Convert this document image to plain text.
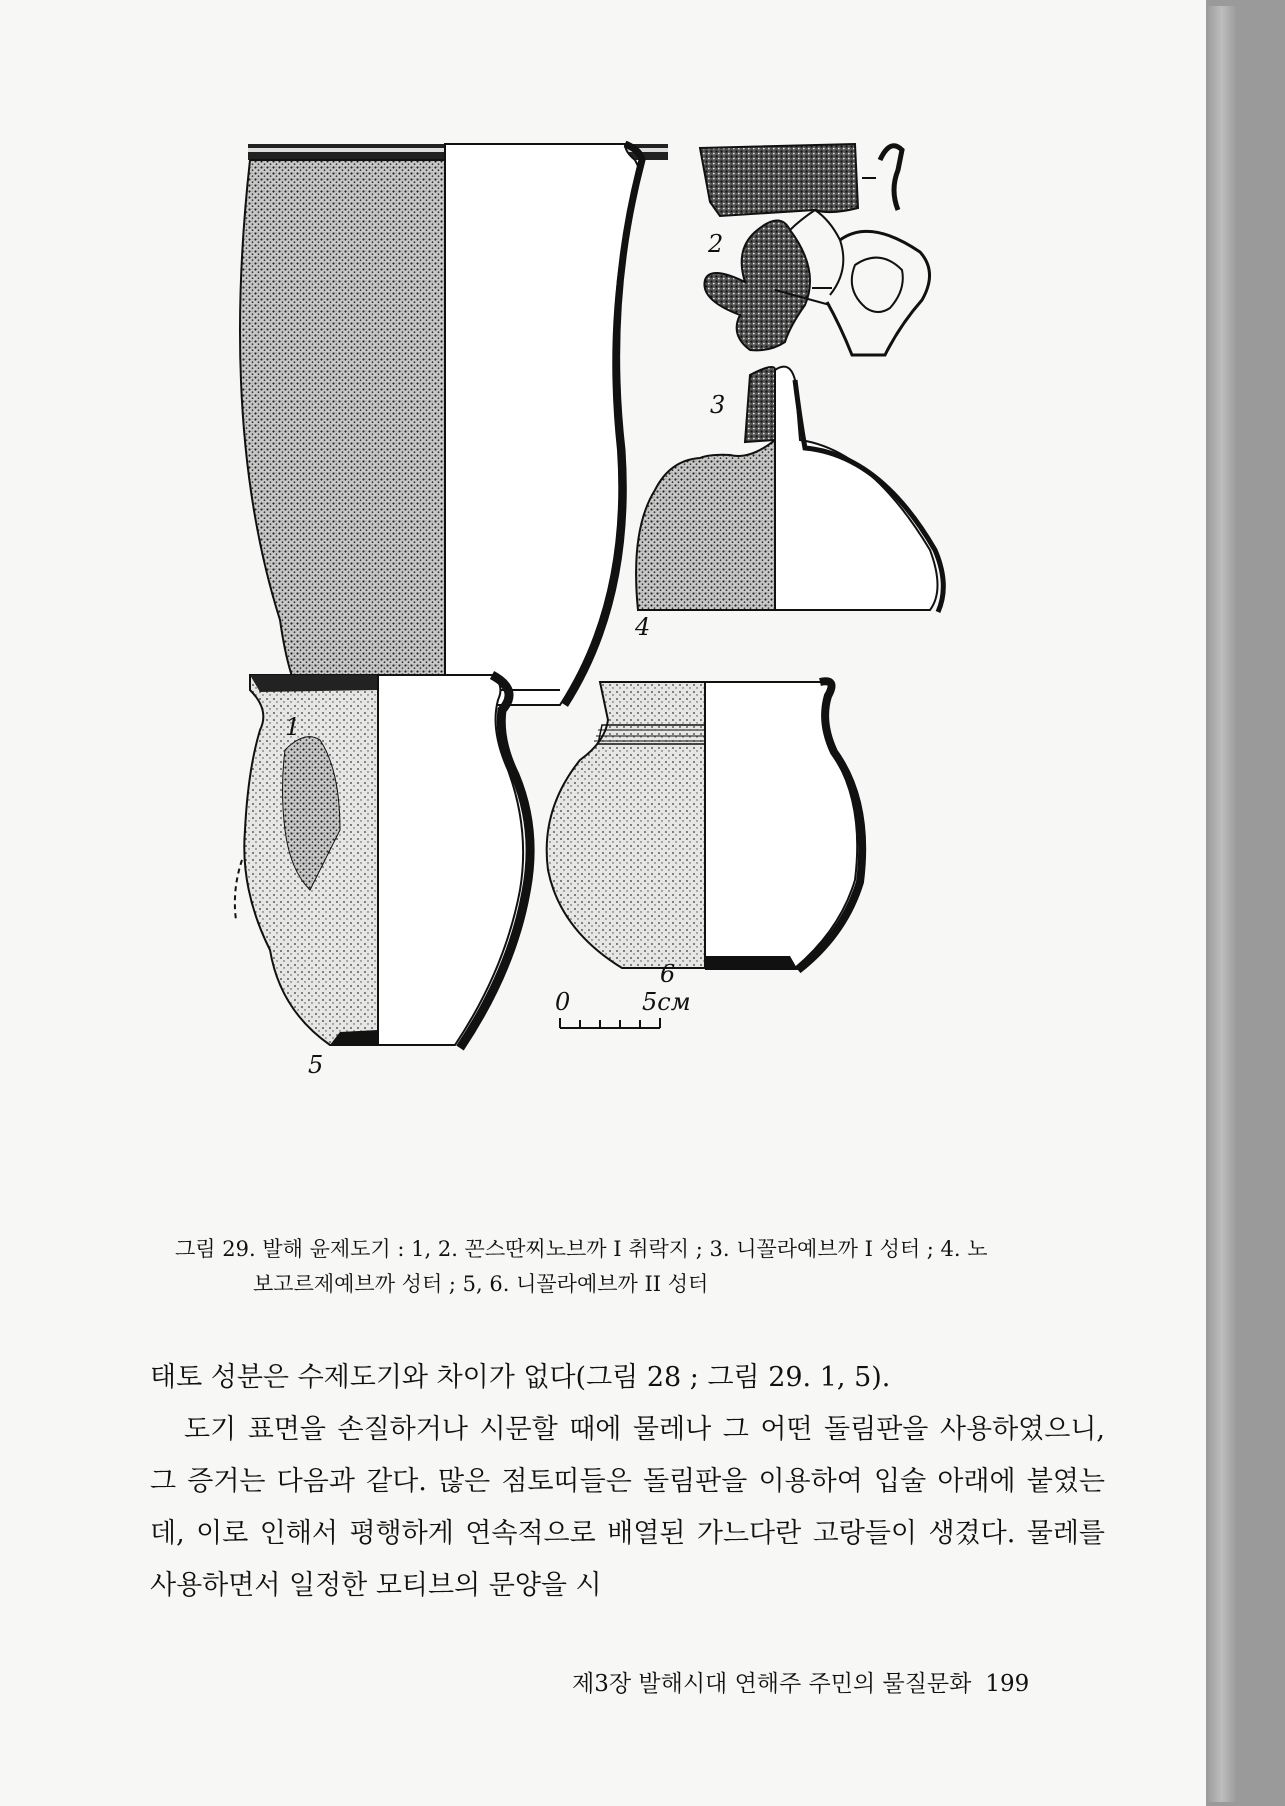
0	5см
1
2
3
4
5
6
그림 29. 발해 윤제도기 : 1, 2. 꼰스딴찌노브까 I 취락지 ; 3. 니꼴라예브까 I 성터 ; 4. 노
보고르제예브까 성터 ; 5, 6. 니꼴라예브까 II 성터

태토 성분은 수제도기와 차이가 없다(그림 28 ; 그림 29. 1, 5).

도기 표면을 손질하거나 시문할 때에 물레나 그 어떤 돌림판을 사용하였으니, 그 증거는 다음과 같다. 많은 점토띠들은 돌림판을 이용하여 입술 아래에 붙였는데, 이로 인해서 평행하게 연속적으로 배열된 가느다란 고랑들이 생겼다. 물레를 사용하면서 일정한 모티브의 문양을 시

제3장 발해시대 연해주 주민의 물질문화 199
